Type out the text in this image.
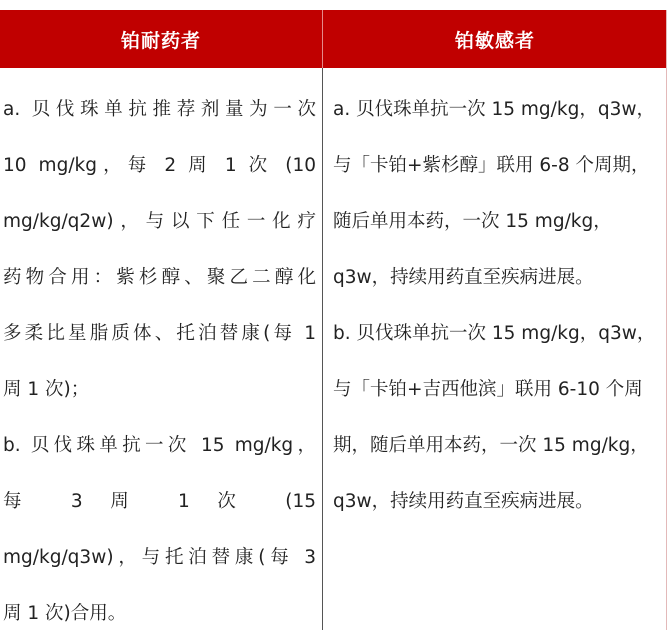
铂耐药者	铂敏感者
a. 贝伐珠单抗推荐剂量为一次
10 mg/kg，每 2 周 1 次 (10
mg/kg/q2w)，与以下任一化疗
药物合用：紫杉醇、聚乙二醇化
多柔比星脂质体、托泊替康(每 1
周 1 次)；
b. 贝伐珠单抗一次 15 mg/kg，
每 3 周 1 次 (15
mg/kg/q3w)，与托泊替康(每 3
周 1 次)合用。
a. 贝伐珠单抗一次 15 mg/kg，q3w，
与「卡铂+紫杉醇」联用 6-8 个周期，
随后单用本药，一次 15 mg/kg，
q3w，持续用药直至疾病进展。
b. 贝伐珠单抗一次 15 mg/kg，q3w，
与「卡铂+吉西他滨」联用 6-10 个周
期，随后单用本药，一次 15 mg/kg，
q3w，持续用药直至疾病进展。
